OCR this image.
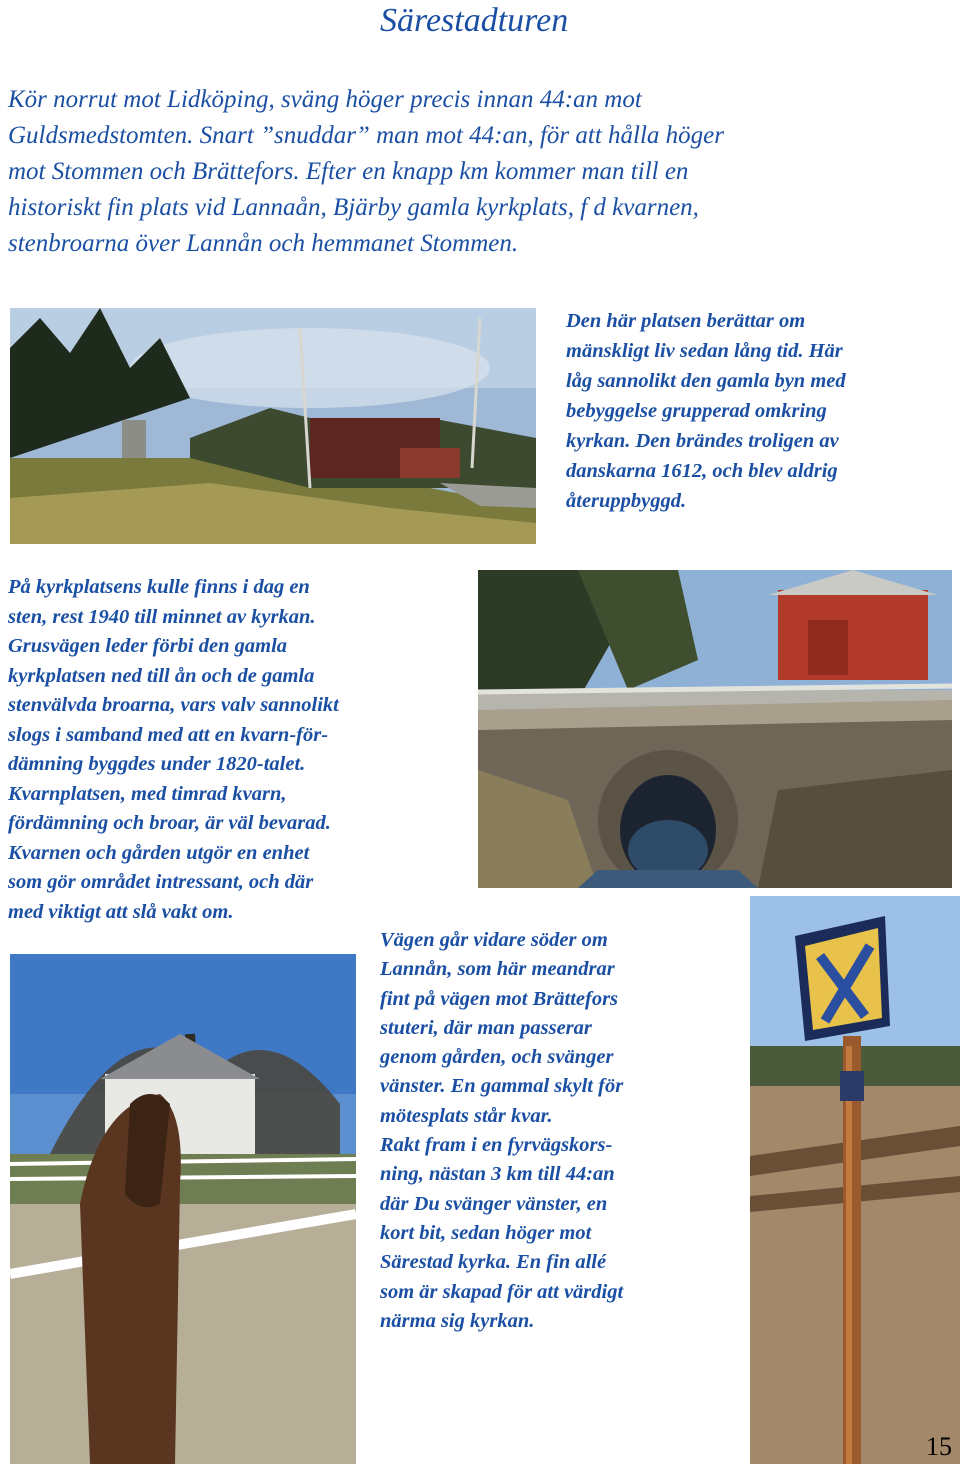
Särestadturen

Kör norrut mot Lidköping, sväng höger precis innan 44:an mot

Guldsmedstomten. Snart ”snuddar” man mot 44:an, för att hålla höger

mot Stommen och Brättefors. Efter en knapp km kommer man till en

historiskt fin plats vid Lannaån, Bjärby gamla kyrkplats, f d kvarnen,

stenbroarna över Lannån och hemmanet Stommen.

Den här platsen berättar om

mänskligt liv sedan lång tid. Här

låg sannolikt den gamla byn med

bebyggelse grupperad omkring

kyrkan. Den brändes troligen av

danskarna 1612, och blev aldrig

återuppbyggd.

På kyrkplatsens kulle finns i dag en

sten, rest 1940 till minnet av kyrkan.

Grusvägen leder förbi den gamla

kyrkplatsen ned till ån och de gamla

stenvälvda broarna, vars valv sannolikt

slogs i samband med att en kvarn-för-

dämning byggdes under 1820-talet.

Kvarnplatsen, med timrad kvarn,

fördämning och broar, är väl bevarad.

Kvarnen och gården utgör en enhet

som gör området intressant, och där

med viktigt att slå vakt om.

Vägen går vidare söder om

Lannån, som här meandrar

fint på vägen mot Brättefors

stuteri, där man passerar

genom gården, och svänger

vänster. En gammal skylt för

mötesplats står kvar.

Rakt fram i en fyrvägskors-

ning, nästan 3 km till 44:an

där Du svänger vänster, en

kort bit, sedan höger mot

Särestad kyrka. En fin allé

som är skapad för att värdigt

närma sig kyrkan.

15
